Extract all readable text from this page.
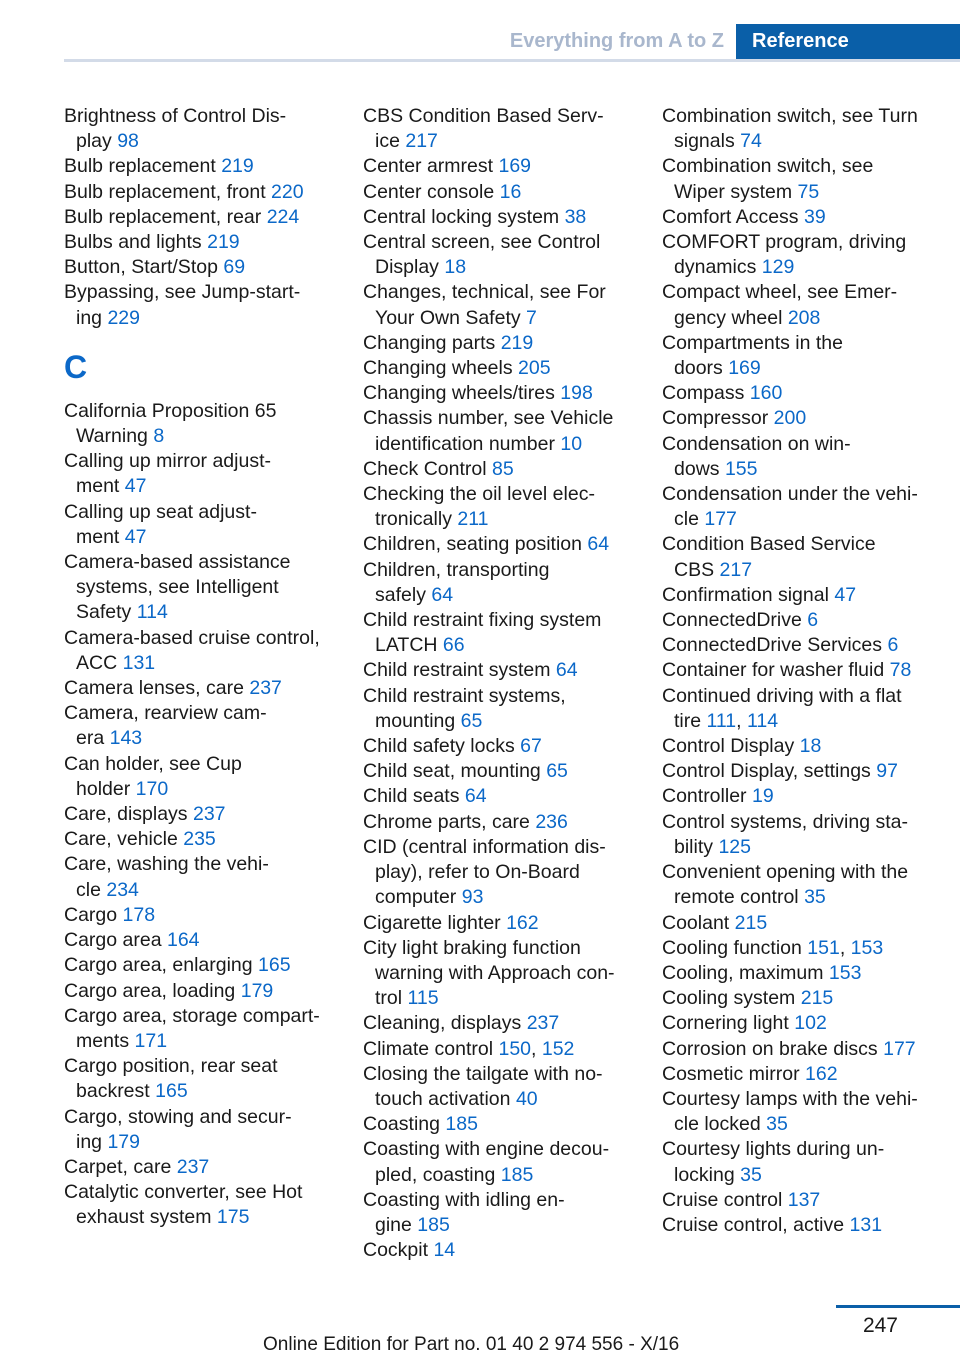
Everything from A to Z Reference
Brightness of Control Dis-
play 98
Bulb replacement 219
Bulb replacement, front 220
Bulb replacement, rear 224
Bulbs and lights 219
Button, Start/Stop 69
Bypassing, see Jump-start-
ing 229
C
California Proposition 65
Warning 8
Calling up mirror adjust-
ment 47
Calling up seat adjust-
ment 47
Camera-based assistance
systems, see Intelligent
Safety 114
Camera-based cruise control,
ACC 131
Camera lenses, care 237
Camera, rearview cam-
era 143
Can holder, see Cup
holder 170
Care, displays 237
Care, vehicle 235
Care, washing the vehi-
cle 234
Cargo 178
Cargo area 164
Cargo area, enlarging 165
Cargo area, loading 179
Cargo area, storage compart-
ments 171
Cargo position, rear seat
backrest 165
Cargo, stowing and secur-
ing 179
Carpet, care 237
Catalytic converter, see Hot
exhaust system 175
CBS Condition Based Serv-
ice 217
Center armrest 169
Center console 16
Central locking system 38
Central screen, see Control
Display 18
Changes, technical, see For
Your Own Safety 7
Changing parts 219
Changing wheels 205
Changing wheels/tires 198
Chassis number, see Vehicle
identification number 10
Check Control 85
Checking the oil level elec-
tronically 211
Children, seating position 64
Children, transporting
safely 64
Child restraint fixing system
LATCH 66
Child restraint system 64
Child restraint systems,
mounting 65
Child safety locks 67
Child seat, mounting 65
Child seats 64
Chrome parts, care 236
CID (central information dis-
play), refer to On-Board
computer 93
Cigarette lighter 162
City light braking function
warning with Approach con-
trol 115
Cleaning, displays 237
Climate control 150, 152
Closing the tailgate with no-
touch activation 40
Coasting 185
Coasting with engine decou-
pled, coasting 185
Coasting with idling en-
gine 185
Cockpit 14
Combination switch, see Turn
signals 74
Combination switch, see
Wiper system 75
Comfort Access 39
COMFORT program, driving
dynamics 129
Compact wheel, see Emer-
gency wheel 208
Compartments in the
doors 169
Compass 160
Compressor 200
Condensation on win-
dows 155
Condensation under the vehi-
cle 177
Condition Based Service
CBS 217
Confirmation signal 47
ConnectedDrive 6
ConnectedDrive Services 6
Container for washer fluid 78
Continued driving with a flat
tire 111, 114
Control Display 18
Control Display, settings 97
Controller 19
Control systems, driving sta-
bility 125
Convenient opening with the
remote control 35
Coolant 215
Cooling function 151, 153
Cooling, maximum 153
Cooling system 215
Cornering light 102
Corrosion on brake discs 177
Cosmetic mirror 162
Courtesy lamps with the vehi-
cle locked 35
Courtesy lights during un-
locking 35
Cruise control 137
Cruise control, active 131
247
Online Edition for Part no. 01 40 2 974 556 - X/16
